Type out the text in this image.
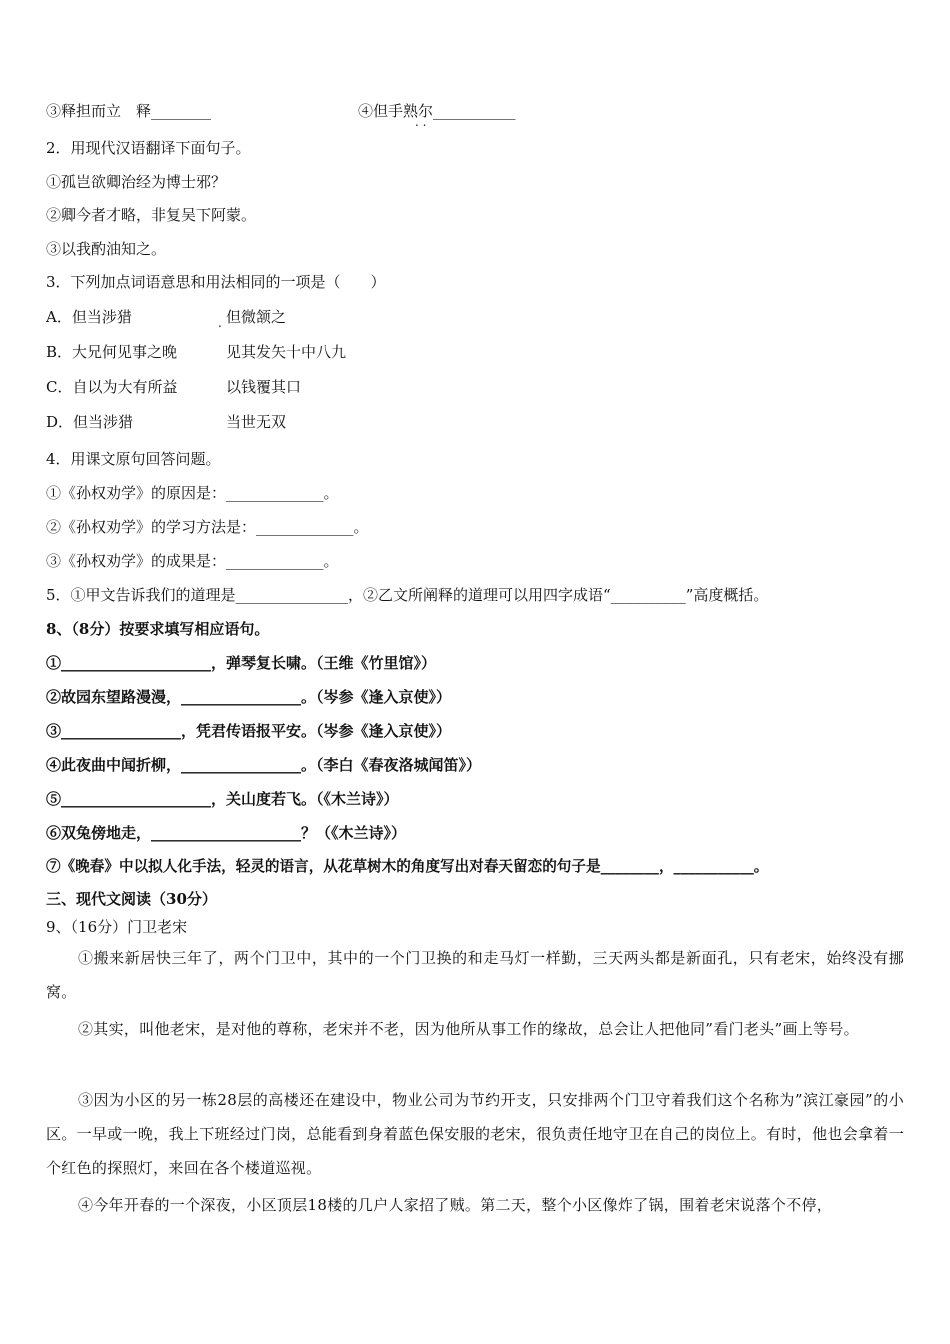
③释担而立　释________	④但手熟尔
. .
___________
2．用现代汉语翻译下面句子。
①孤岂欲卿治经为博士邪？
②卿今者才略，非复吴下阿蒙。
③以我酌油知之。
3．下列加点词语意思和用法相同的一项是（　　）
A．但当涉猎	. 但微颔之
B．大兄何见事之晚	见其发矢十中八九
C．自以为大有所益	以钱覆其口
D．但当涉猎	当世无双
4．用课文原句回答问题。
①《孙权劝学》的原因是：_____________。
②《孙权劝学》的学习方法是：_____________。
③《孙权劝学》的成果是：_____________。
5．①甲文告诉我们的道理是_______________，②乙文所阐释的道理可以用四字成语“__________”高度概括。
8、（8分）按要求填写相应语句。
①____________________，弹琴复长啸。（王维《竹里馆》）
②故园东望路漫漫，________________。（岑参《逢入京使》）
③________________，凭君传语报平安。（岑参《逢入京使》）
④此夜曲中闻折柳，________________。（李白《春夜洛城闻笛》）
⑤____________________，关山度若飞。（《木兰诗》）
⑥双兔傍地走，____________________？（《木兰诗》）
⑦《晚春》中以拟人化手法，轻灵的语言，从花草树木的角度写出对春天留恋的句子是________，___________。
三、现代文阅读（30分）
9、（16分）门卫老宋
①搬来新居快三年了，两个门卫中，其中的一个门卫换的和走马灯一样勤，三天两头都是新面孔，只有老宋，始终没有挪窝。
②其实，叫他老宋，是对他的尊称，老宋并不老，因为他所从事工作的缘故，总会让人把他同”看门老头”画上等号。
③因为小区的另一栋28层的高楼还在建设中，物业公司为节约开支，只安排两个门卫守着我们这个名称为”滨江豪园”的小区。一早或一晚，我上下班经过门岗，总能看到身着蓝色保安服的老宋，很负责任地守卫在自己的岗位上。有时，他也会拿着一个红色的探照灯，来回在各个楼道巡视。
④今年开春的一个深夜，小区顶层18楼的几户人家招了贼。第二天，整个小区像炸了锅，围着老宋说落个不停，
